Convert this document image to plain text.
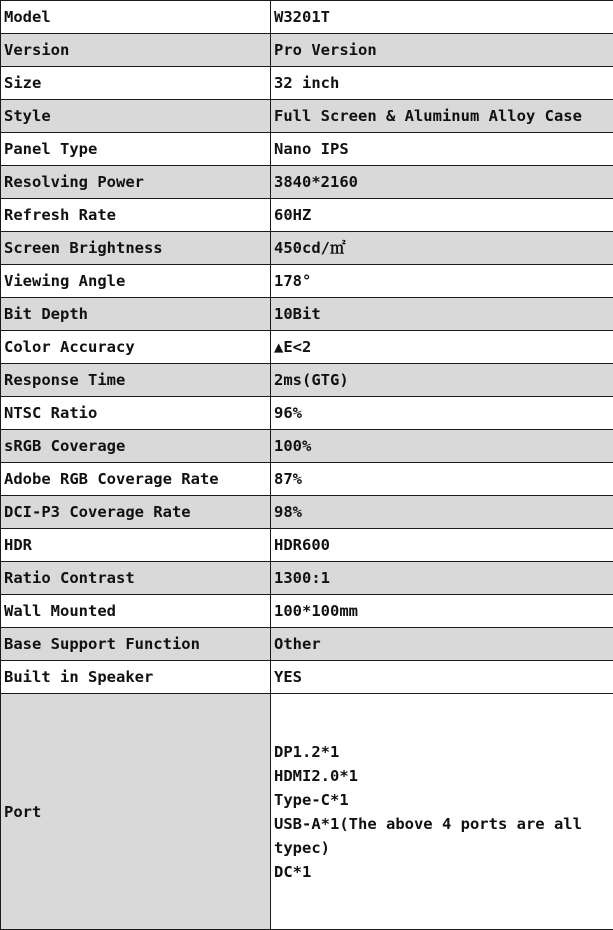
Model	W3201T
Version	Pro Version
Size	32 inch
Style	Full Screen & Aluminum Alloy Case
Panel Type	Nano IPS
Resolving Power	3840*2160
Refresh Rate	60HZ
Screen Brightness	450cd/㎡
Viewing Angle	178°
Bit Depth	10Bit
Color Accuracy	▲E<2
Response Time	2ms(GTG)
NTSC Ratio	96%
sRGB Coverage	100%
Adobe RGB Coverage Rate	87%
DCI-P3 Coverage Rate	98%
HDR	HDR600
Ratio Contrast	1300:1
Wall Mounted	100*100mm
Base Support Function	Other
Built in Speaker	YES
Port	DP1.2*1
HDMI2.0*1
Type-C*1
USB-A*1(The above 4 ports are all typec)
DC*1
